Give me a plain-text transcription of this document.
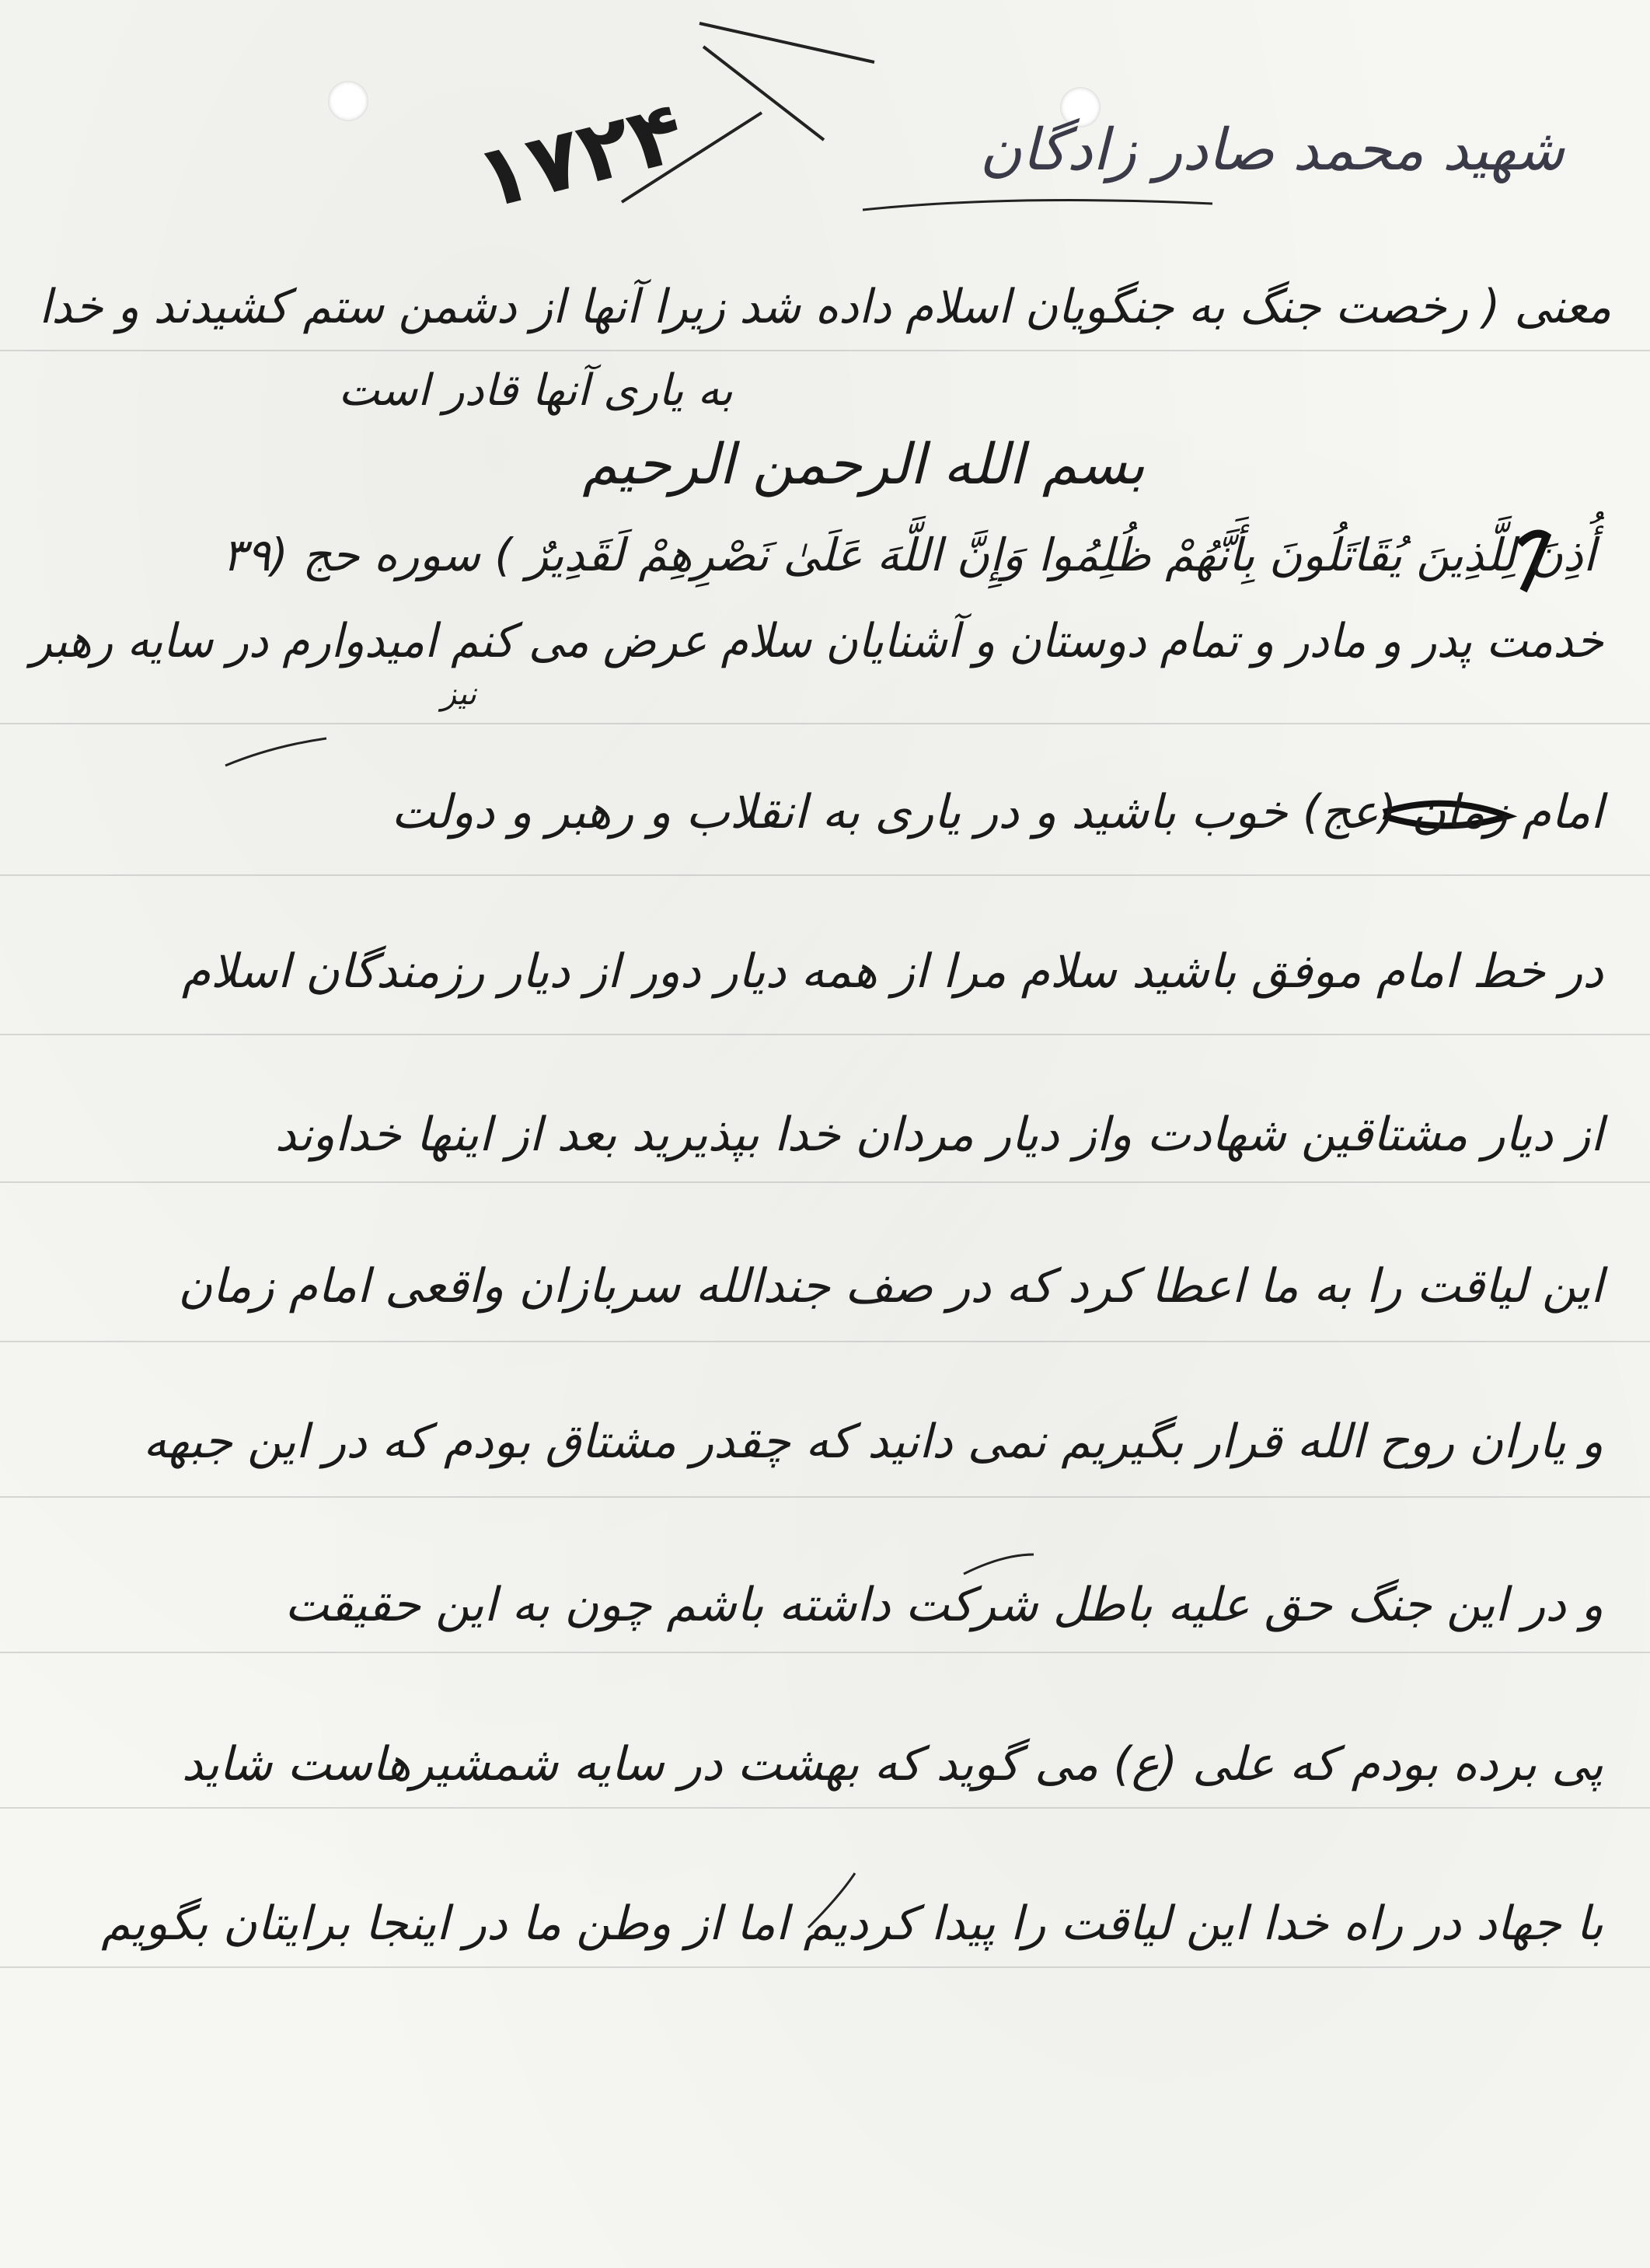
شهید محمد صادر زادگان
۱۷۲۴
معنی ( رخصت جنگ به جنگویان اسلام داده شد زیرا آنها از دشمن ستم کشیدند و خدا
به یاری آنها قادر است
بسم الله الرحمن الرحیم
أُذِنَ لِلَّذِینَ یُقَاتَلُونَ بِأَنَّهُمْ ظُلِمُوا وَإِنَّ اللَّهَ عَلَىٰ نَصْرِهِمْ لَقَدِیرٌ ) سوره حج (۳۹
نیز
خدمت پدر و مادر و تمام دوستان و آشنایان سلام عرض می کنم امیدوارم در سایه رهبر
امام زمان (عج) خوب باشید و در یاری به انقلاب و رهبر و دولت
در خط امام موفق باشید سلام مرا از همه دیار دور از دیار رزمندگان اسلام
از دیار مشتاقین شهادت واز دیار مردان خدا بپذیرید بعد از اینها خداوند
این لیاقت را به ما اعطا کرد که در صف جندالله سربازان واقعی امام زمان
و یاران روح الله قرار بگیریم نمی دانید که چقدر مشتاق بودم که در این جبهه
و در این جنگ حق علیه باطل شرکت داشته باشم چون به این حقیقت
پی برده بودم که علی (ع) می گوید که بهشت در سایه شمشیرهاست شاید
با جهاد در راه خدا این لیاقت را پیدا کردیم اما از وطن ما در اینجا برایتان بگویم
